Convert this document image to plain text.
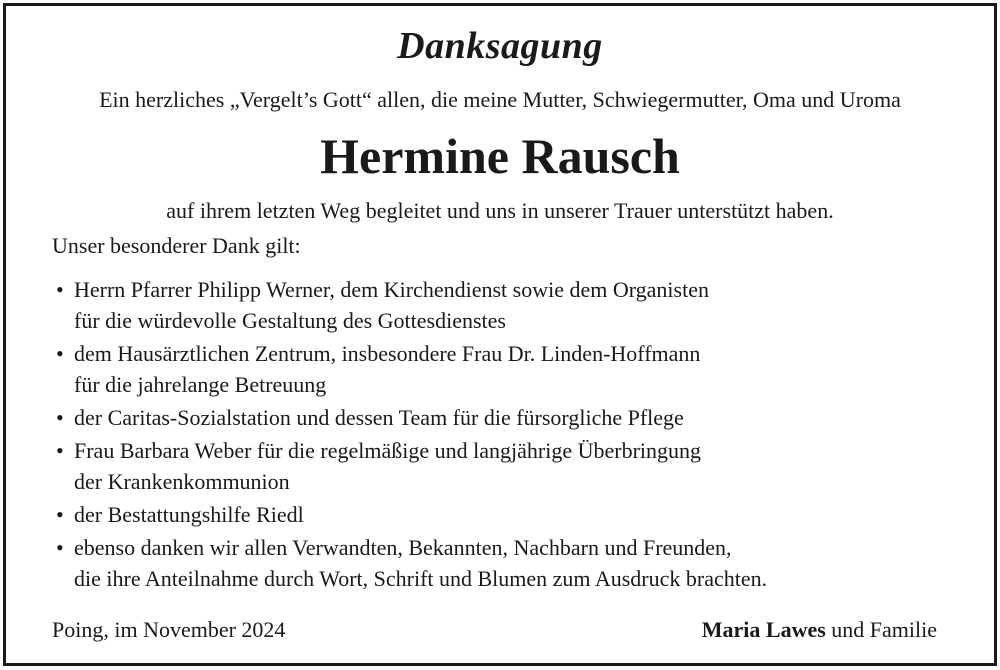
Danksagung
Ein herzliches „Vergelt’s Gott“ allen, die meine Mutter, Schwiegermutter, Oma und Uroma
Hermine Rausch
auf ihrem letzten Weg begleitet und uns in unserer Trauer unterstützt haben.
Unser besonderer Dank gilt:
• Herrn Pfarrer Philipp Werner, dem Kirchendienst sowie dem Organisten
für die würdevolle Gestaltung des Gottesdienstes
• dem Hausärztlichen Zentrum, insbesondere Frau Dr. Linden-Hoffmann
für die jahrelange Betreuung
• der Caritas-Sozialstation und dessen Team für die fürsorgliche Pflege
• Frau Barbara Weber für die regelmäßige und langjährige Überbringung
der Krankenkommunion
• der Bestattungshilfe Riedl
• ebenso danken wir allen Verwandten, Bekannten, Nachbarn und Freunden,
die ihre Anteilnahme durch Wort, Schrift und Blumen zum Ausdruck brachten.
Poing, im November 2024	Maria Lawes und Familie
